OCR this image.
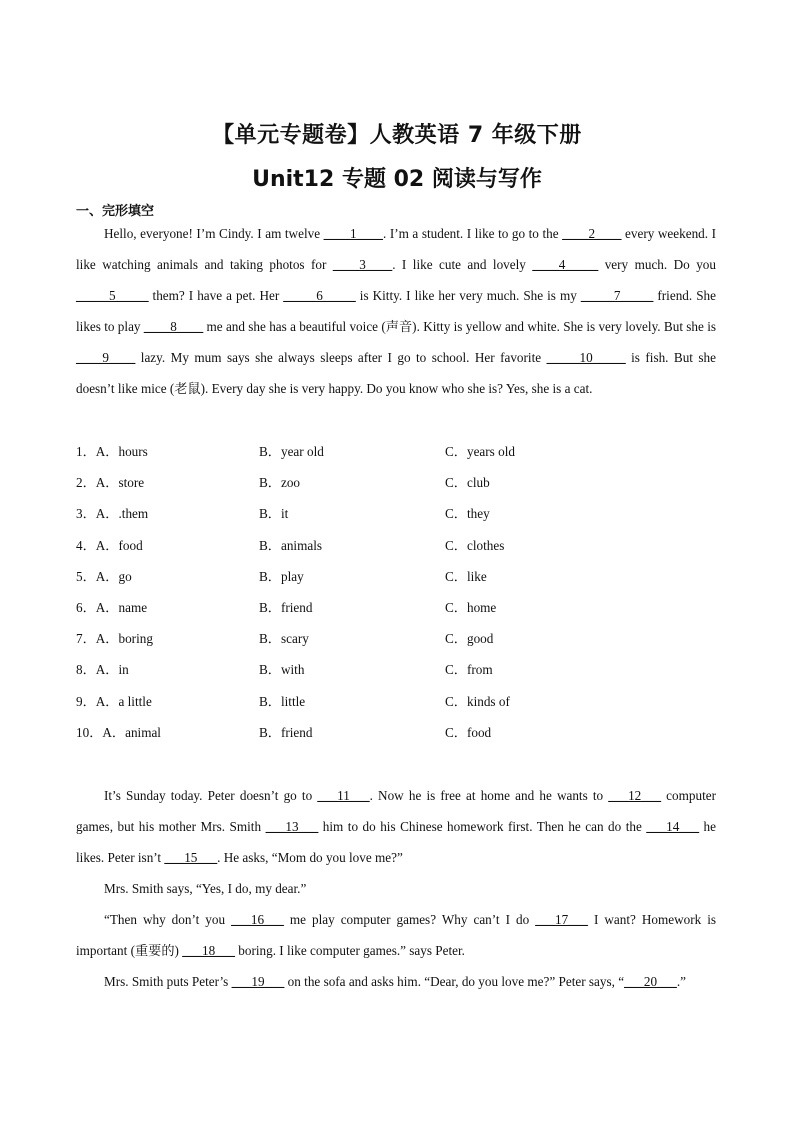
【单元专题卷】人教英语 7 年级下册
Unit12 专题 02 阅读与写作
一、完形填空

Hello, everyone! I’m Cindy. I am twelve ____1____. I’m a student. I like to go to the ____2____ every weekend. I like watching animals and taking photos for ____3____. I like cute and lovely ____4_____ very much. Do you _____5_____ them? I have a pet. Her _____6_____ is Kitty. I like her very much. She is my _____7_____ friend. She likes to play ____8____ me and she has a beautiful voice (声音). Kitty is yellow and white. She is very lovely. But she is ____9____ lazy. My mum says she always sleeps after I go to school. Her favorite _____10_____ is fish. But she doesn’t like mice (老鼠). Every day she is very happy. Do you know who she is? Yes, she is a cat.

1．A．hours	B．year old	C．years old
2．A．store	B．zoo	C．club
3．A．.them	B．it	C．they
4．A．food	B．animals	C．clothes
5．A．go	B．play	C．like
6．A．name	B．friend	C．home
7．A．boring	B．scary	C．good
8．A．in	B．with	C．from
9．A．a little	B．little	C．kinds of
10．A．animal	B．friend	C．food

It’s Sunday today. Peter doesn’t go to ___11___. Now he is free at home and he wants to ___12___ computer games, but his mother Mrs. Smith ___13___ him to do his Chinese homework first. Then he can do the ___14___ he likes. Peter isn’t ___15___. He asks, “Mom do you love me?”

Mrs. Smith says, “Yes, I do, my dear.”

“Then why don’t you ___16___ me play computer games? Why can’t I do ___17___ I want? Homework is important (重要的) ___18___ boring. I like computer games.” says Peter.

Mrs. Smith puts Peter’s ___19___ on the sofa and asks him. “Dear, do you love me?” Peter says, “___20___.”
